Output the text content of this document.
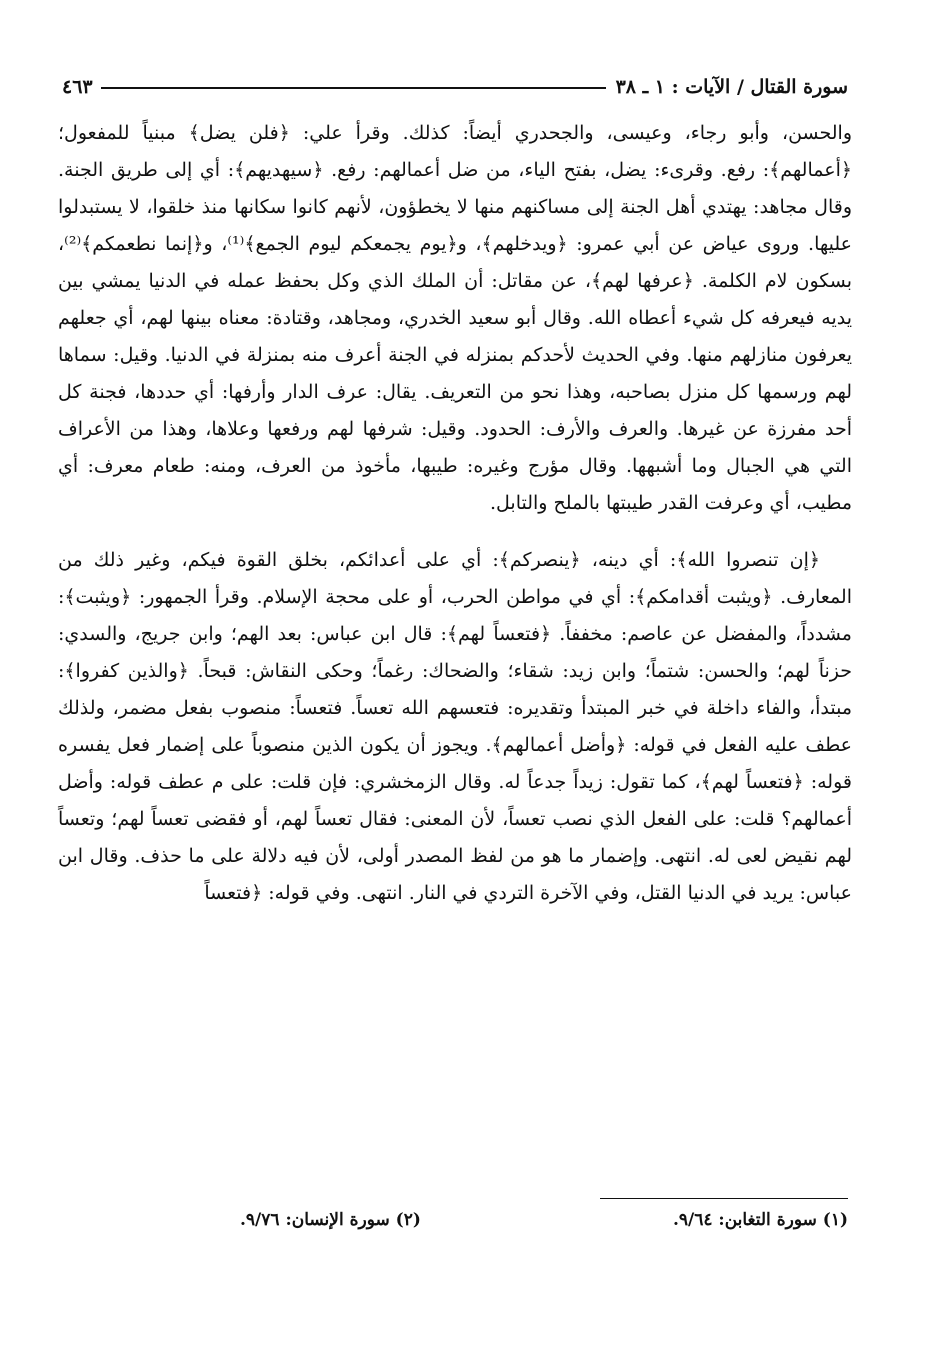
٤٦٣	سورة القتال / الآيات : ١ ـ ٣٨

والحسن، وأبو رجاء، وعيسى، والجحدري أيضاً: كذلك. وقرأ علي: ﴿فلن يضل﴾ مبنياً للمفعول؛ ﴿أعمالهم﴾: رفع. وقرىء: يضل، بفتح الياء، من ضل أعمالهم: رفع. ﴿سيهديهم﴾: أي إلى طريق الجنة. وقال مجاهد: يهتدي أهل الجنة إلى مساكنهم منها لا يخطؤون، لأنهم كانوا سكانها منذ خلقوا، لا يستبدلوا عليها. وروى عياض عن أبي عمرو: ﴿ويدخلهم﴾، و﴿يوم يجمعكم ليوم الجمع﴾⁽¹⁾، و﴿إنما نطعمكم﴾⁽²⁾، بسكون لام الكلمة. ﴿عرفها لهم﴾، عن مقاتل: أن الملك الذي وكل بحفظ عمله في الدنيا يمشي بين يديه فيعرفه كل شيء أعطاه الله. وقال أبو سعيد الخدري، ومجاهد، وقتادة: معناه بينها لهم، أي جعلهم يعرفون منازلهم منها. وفي الحديث لأحدكم بمنزله في الجنة أعرف منه بمنزلة في الدنيا. وقيل: سماها لهم ورسمها كل منزل بصاحبه، وهذا نحو من التعريف. يقال: عرف الدار وأرفها: أي حددها، فجنة كل أحد مفرزة عن غيرها. والعرف والأرف: الحدود. وقيل: شرفها لهم ورفعها وعلاها، وهذا من الأعراف التي هي الجبال وما أشبهها. وقال مؤرج وغيره: طيبها، مأخوذ من العرف، ومنه: طعام معرف: أي مطيب، أي وعرفت القدر طيبتها بالملح والتابل.

﴿إن تنصروا الله﴾: أي دينه، ﴿ينصركم﴾: أي على أعدائكم، بخلق القوة فيكم، وغير ذلك من المعارف. ﴿ويثبت أقدامكم﴾: أي في مواطن الحرب، أو على محجة الإسلام. وقرأ الجمهور: ﴿ويثبت﴾: مشدداً، والمفضل عن عاصم: مخففاً. ﴿فتعساً لهم﴾: قال ابن عباس: بعد الهم؛ وابن جريج، والسدي: حزناً لهم؛ والحسن: شتماً؛ وابن زيد: شقاء؛ والضحاك: رغماً؛ وحكى النقاش: قبحاً. ﴿والذين كفروا﴾: مبتدأ، والفاء داخلة في خبر المبتدأ وتقديره: فتعسهم الله تعساً. فتعساً: منصوب بفعل مضمر، ولذلك عطف عليه الفعل في قوله: ﴿وأضل أعمالهم﴾. ويجوز أن يكون الذين منصوباً على إضمار فعل يفسره قوله: ﴿فتعساً لهم﴾، كما تقول: زيداً جدعاً له. وقال الزمخشري: فإن قلت: على م عطف قوله: وأضل أعمالهم؟ قلت: على الفعل الذي نصب تعساً، لأن المعنى: فقال تعساً لهم، أو فقضى تعساً لهم؛ وتعساً لهم نقيض لعى له. انتهى. وإضمار ما هو من لفظ المصدر أولى، لأن فيه دلالة على ما حذف. وقال ابن عباس: يريد في الدنيا القتل، وفي الآخرة التردي في النار. انتهى. وفي قوله: ﴿فتعساً

(١) سورة التغابن: ٩/٦٤.
(٢) سورة الإنسان: ٩/٧٦.
